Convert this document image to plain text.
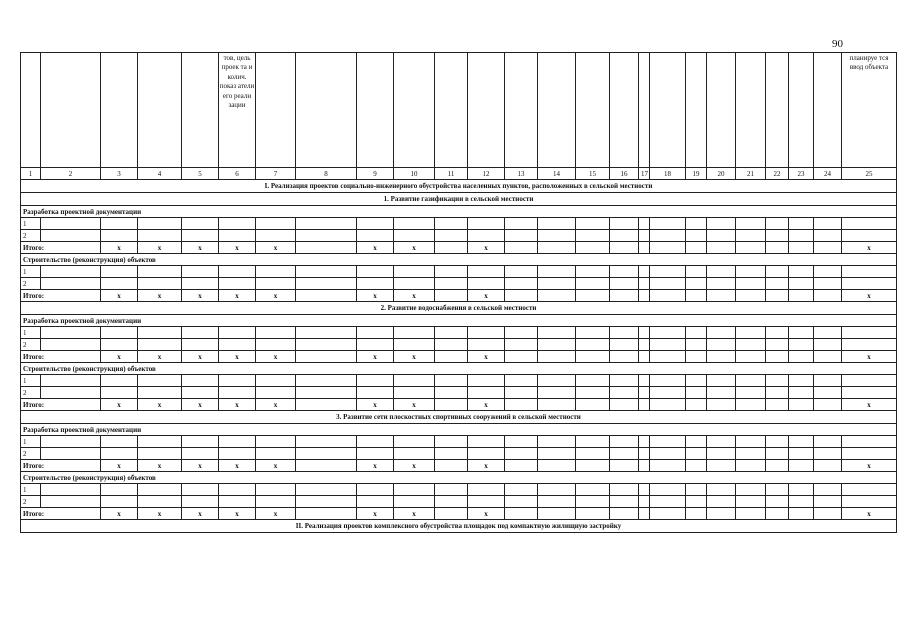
90
					тов, цель проек та и колич. показ атели его реали зации																			планируе тся ввод объекта
1	2	3	4	5	6	7	8	9	10	11	12	13	14	15	16	17	18	19	20	21	22	23	24	25
I. Реализация проектов социально-инженерного обустройства населенных пунктов, расположенных в сельской местности																								
1. Развитие газификации в сельской местности																								
Разработка проектной документации																								
1																								
2																								
Итого:		х	х	х	х	х		х	х		х													х
Строительство (реконструкция) объектов																								
1																								
2																								
Итого:		х	х	х	х	х		х	х		х													х
2. Развитие водоснабжения в сельской местности																								
Разработка проектной документации																								
1																								
2																								
Итого:		х	х	х	х	х		х	х		х													х
Строительство (реконструкция) объектов																								
1																								
2																								
Итого:		х	х	х	х	х		х	х		х													х
3. Развитие сети плоскостных спортивных сооружений в сельской местности																								
Разработка проектной документации																								
1																								
2																								
Итого:		х	х	х	х	х		х	х		х													х
Строительство (реконструкция) объектов																								
1																								
2																								
Итого:		х	х	х	х	х		х	х		х													х
II. Реализация проектов комплексного обустройства площадок под компактную жилищную застройку																								
